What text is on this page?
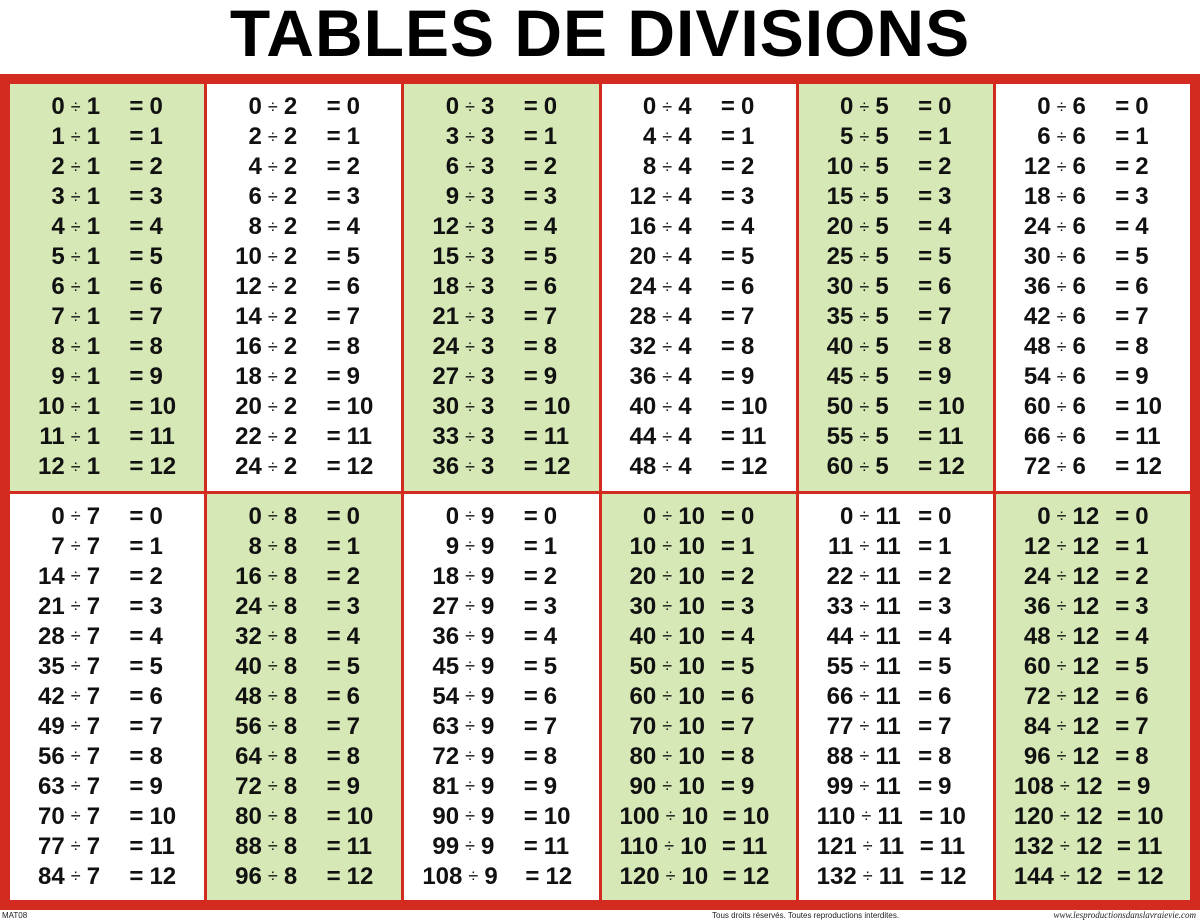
TABLES DE DIVISIONS
0 ÷ 1	= 0
1 ÷ 1	= 1
2 ÷ 1	= 2
3 ÷ 1	= 3
4 ÷ 1	= 4
5 ÷ 1	= 5
6 ÷ 1	= 6
7 ÷ 1	= 7
8 ÷ 1	= 8
9 ÷ 1	= 9
10 ÷ 1	= 10
11 ÷ 1	= 11
12 ÷ 1	= 12
0 ÷ 2	= 0
2 ÷ 2	= 1
4 ÷ 2	= 2
6 ÷ 2	= 3
8 ÷ 2	= 4
10 ÷ 2	= 5
12 ÷ 2	= 6
14 ÷ 2	= 7
16 ÷ 2	= 8
18 ÷ 2	= 9
20 ÷ 2	= 10
22 ÷ 2	= 11
24 ÷ 2	= 12
0 ÷ 3	= 0
3 ÷ 3	= 1
6 ÷ 3	= 2
9 ÷ 3	= 3
12 ÷ 3	= 4
15 ÷ 3	= 5
18 ÷ 3	= 6
21 ÷ 3	= 7
24 ÷ 3	= 8
27 ÷ 3	= 9
30 ÷ 3	= 10
33 ÷ 3	= 11
36 ÷ 3	= 12
0 ÷ 4	= 0
4 ÷ 4	= 1
8 ÷ 4	= 2
12 ÷ 4	= 3
16 ÷ 4	= 4
20 ÷ 4	= 5
24 ÷ 4	= 6
28 ÷ 4	= 7
32 ÷ 4	= 8
36 ÷ 4	= 9
40 ÷ 4	= 10
44 ÷ 4	= 11
48 ÷ 4	= 12
0 ÷ 5	= 0
5 ÷ 5	= 1
10 ÷ 5	= 2
15 ÷ 5	= 3
20 ÷ 5	= 4
25 ÷ 5	= 5
30 ÷ 5	= 6
35 ÷ 5	= 7
40 ÷ 5	= 8
45 ÷ 5	= 9
50 ÷ 5	= 10
55 ÷ 5	= 11
60 ÷ 5	= 12
0 ÷ 6	= 0
6 ÷ 6	= 1
12 ÷ 6	= 2
18 ÷ 6	= 3
24 ÷ 6	= 4
30 ÷ 6	= 5
36 ÷ 6	= 6
42 ÷ 6	= 7
48 ÷ 6	= 8
54 ÷ 6	= 9
60 ÷ 6	= 10
66 ÷ 6	= 11
72 ÷ 6	= 12
0 ÷ 7	= 0
7 ÷ 7	= 1
14 ÷ 7	= 2
21 ÷ 7	= 3
28 ÷ 7	= 4
35 ÷ 7	= 5
42 ÷ 7	= 6
49 ÷ 7	= 7
56 ÷ 7	= 8
63 ÷ 7	= 9
70 ÷ 7	= 10
77 ÷ 7	= 11
84 ÷ 7	= 12
0 ÷ 8	= 0
8 ÷ 8	= 1
16 ÷ 8	= 2
24 ÷ 8	= 3
32 ÷ 8	= 4
40 ÷ 8	= 5
48 ÷ 8	= 6
56 ÷ 8	= 7
64 ÷ 8	= 8
72 ÷ 8	= 9
80 ÷ 8	= 10
88 ÷ 8	= 11
96 ÷ 8	= 12
0 ÷ 9	= 0
9 ÷ 9	= 1
18 ÷ 9	= 2
27 ÷ 9	= 3
36 ÷ 9	= 4
45 ÷ 9	= 5
54 ÷ 9	= 6
63 ÷ 9	= 7
72 ÷ 9	= 8
81 ÷ 9	= 9
90 ÷ 9	= 10
99 ÷ 9	= 11
108 ÷ 9	= 12
0 ÷ 10 = 0
10 ÷ 10 = 1
20 ÷ 10 = 2
30 ÷ 10 = 3
40 ÷ 10 = 4
50 ÷ 10 = 5
60 ÷ 10 = 6
70 ÷ 10 = 7
80 ÷ 10 = 8
90 ÷ 10 = 9
100 ÷ 10 = 10
110 ÷ 10 = 11
120 ÷ 10 = 12
0 ÷ 11 = 0
11 ÷ 11 = 1
22 ÷ 11 = 2
33 ÷ 11 = 3
44 ÷ 11 = 4
55 ÷ 11 = 5
66 ÷ 11 = 6
77 ÷ 11 = 7
88 ÷ 11 = 8
99 ÷ 11 = 9
110 ÷ 11 = 10
121 ÷ 11 = 11
132 ÷ 11 = 12
0 ÷ 12 = 0
12 ÷ 12 = 1
24 ÷ 12 = 2
36 ÷ 12 = 3
48 ÷ 12 = 4
60 ÷ 12 = 5
72 ÷ 12 = 6
84 ÷ 12 = 7
96 ÷ 12 = 8
108 ÷ 12 = 9
120 ÷ 12 = 10
132 ÷ 12 = 11
144 ÷ 12 = 12
MAT08	Tous droits réservés. Toutes reproductions interdites.	www.lesproductionsdanslavraievie.com
